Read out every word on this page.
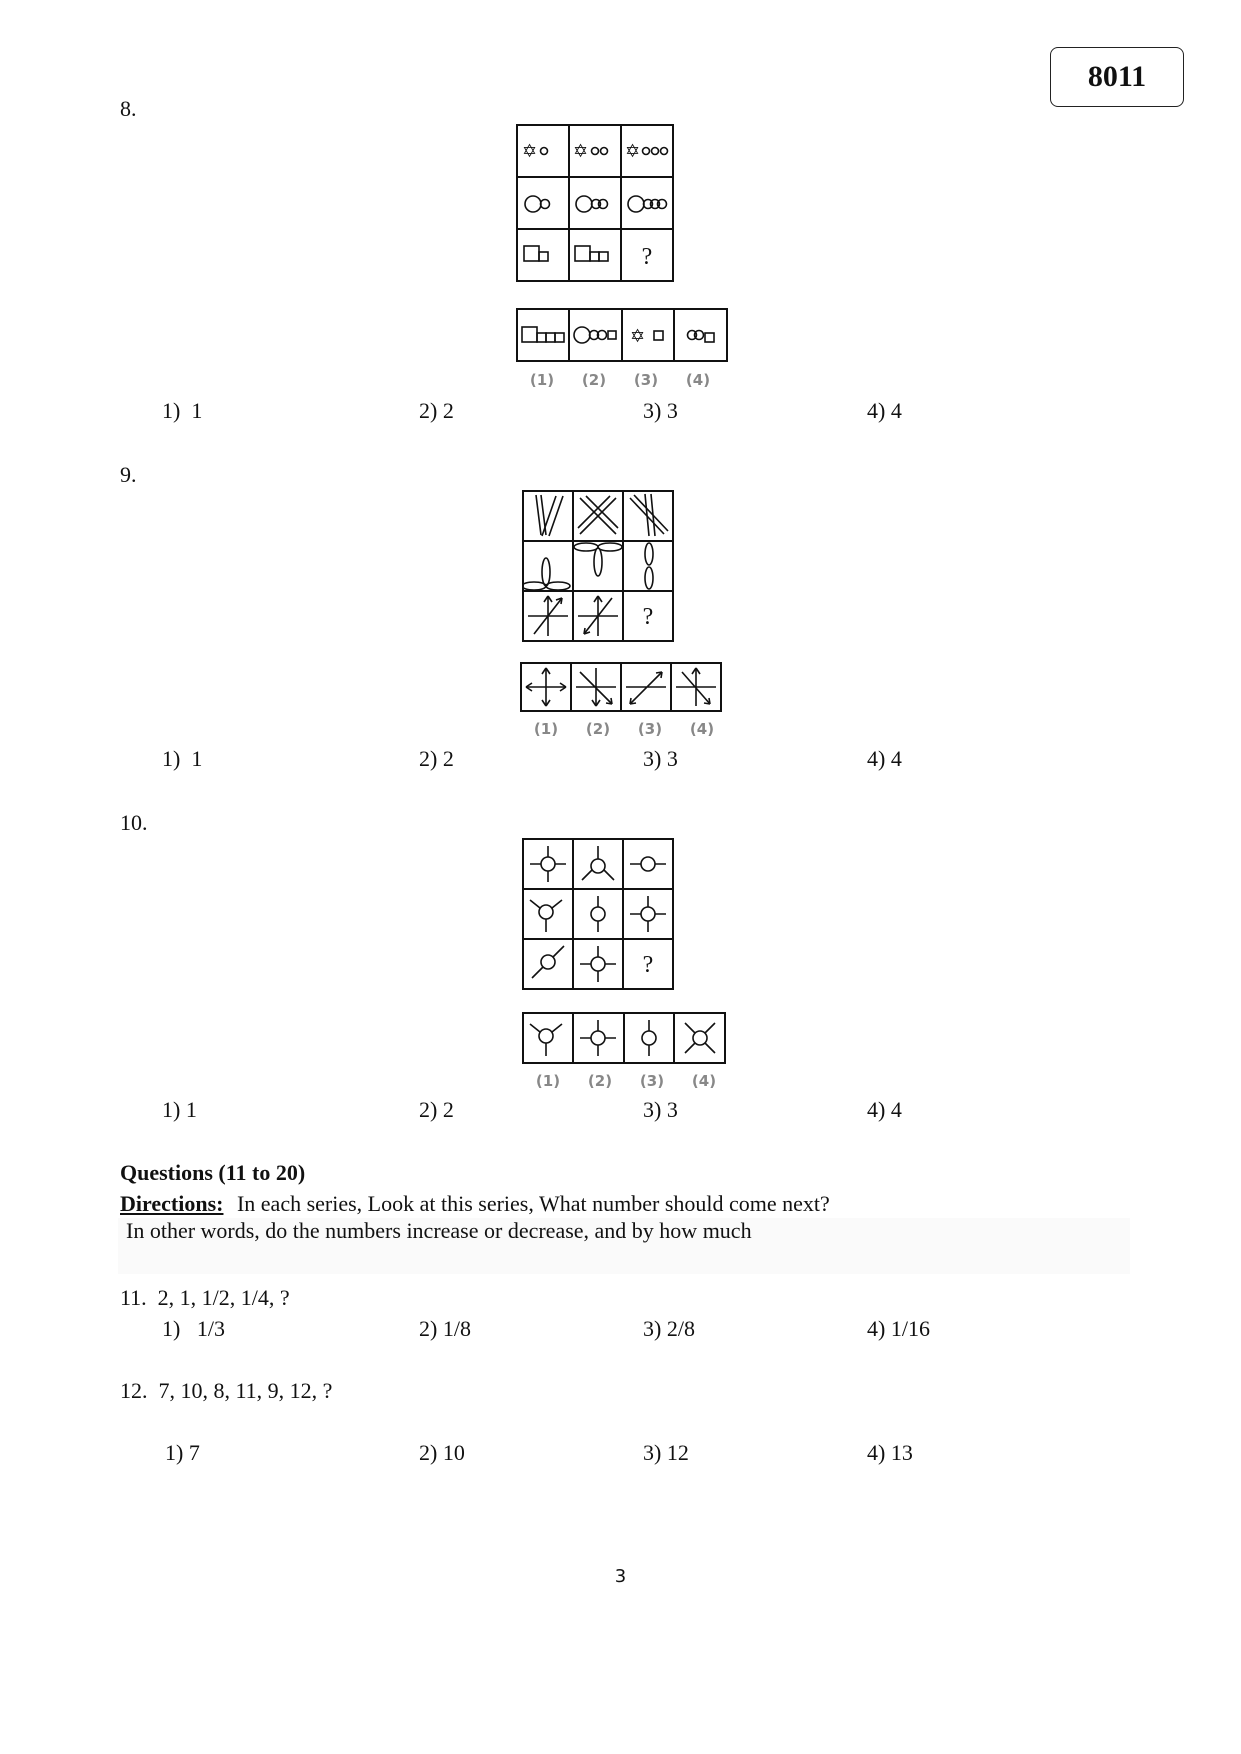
8011
8.
✡ ✡ ✡
?
✡
(1)	(2)	(3)	(4)
1)  1	2) 2	3) 3	4) 4
9.
?
(1)	(2)	(3)	(4)
1)  1	2) 2	3) 3	4) 4
10.
?
(1)	(2)	(3)	(4)
1) 1	2) 2	3) 3	4) 4
Questions (11 to 20)
Directions: In each series, Look at this series, What number should come next?
In other words, do the numbers increase or decrease, and by how much
11.  2, 1, 1/2, 1/4, ?
1)   1/3	2) 1/8	3) 2/8	4) 1/16
12.  7, 10, 8, 11, 9, 12, ?
1) 7	2) 10	3) 12	4) 13
3
